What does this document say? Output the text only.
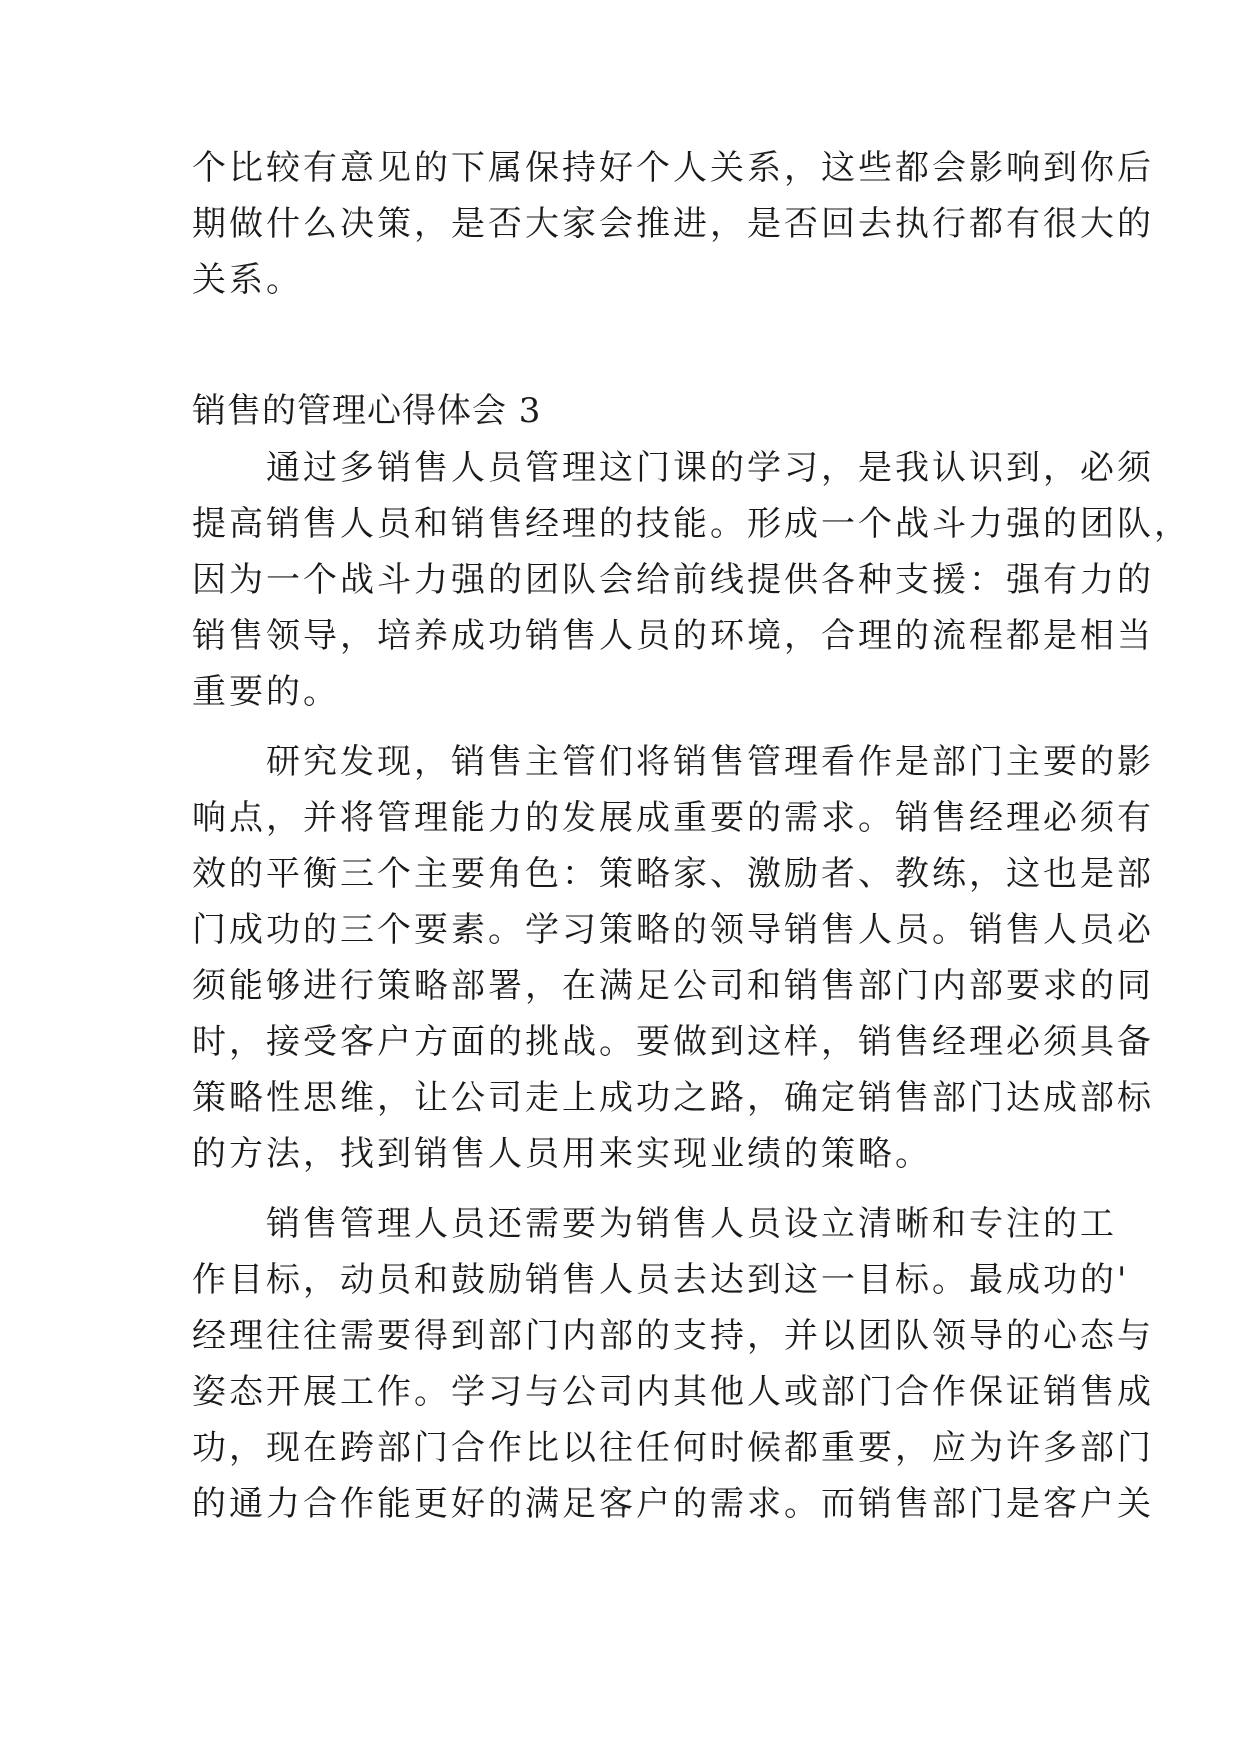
个比较有意见的下属保持好个人关系，这些都会影响到你后
期做什么决策，是否大家会推进，是否回去执行都有很大的
关系。
销售的管理心得体会 3
　　通过多销售人员管理这门课的学习，是我认识到，必须
提高销售人员和销售经理的技能。形成一个战斗力强的团队，
因为一个战斗力强的团队会给前线提供各种支援：强有力的
销售领导，培养成功销售人员的环境，合理的流程都是相当
重要的。
　　研究发现，销售主管们将销售管理看作是部门主要的影
响点，并将管理能力的发展成重要的需求。销售经理必须有
效的平衡三个主要角色：策略家、激励者、教练，这也是部
门成功的三个要素。学习策略的领导销售人员。销售人员必
须能够进行策略部署，在满足公司和销售部门内部要求的同
时，接受客户方面的挑战。要做到这样，销售经理必须具备
策略性思维，让公司走上成功之路，确定销售部门达成部标
的方法，找到销售人员用来实现业绩的策略。
　　销售管理人员还需要为销售人员设立清晰和专注的工
作目标，动员和鼓励销售人员去达到这一目标。最成功的'
经理往往需要得到部门内部的支持，并以团队领导的心态与
姿态开展工作。学习与公司内其他人或部门合作保证销售成
功，现在跨部门合作比以往任何时候都重要，应为许多部门
的通力合作能更好的满足客户的需求。而销售部门是客户关
